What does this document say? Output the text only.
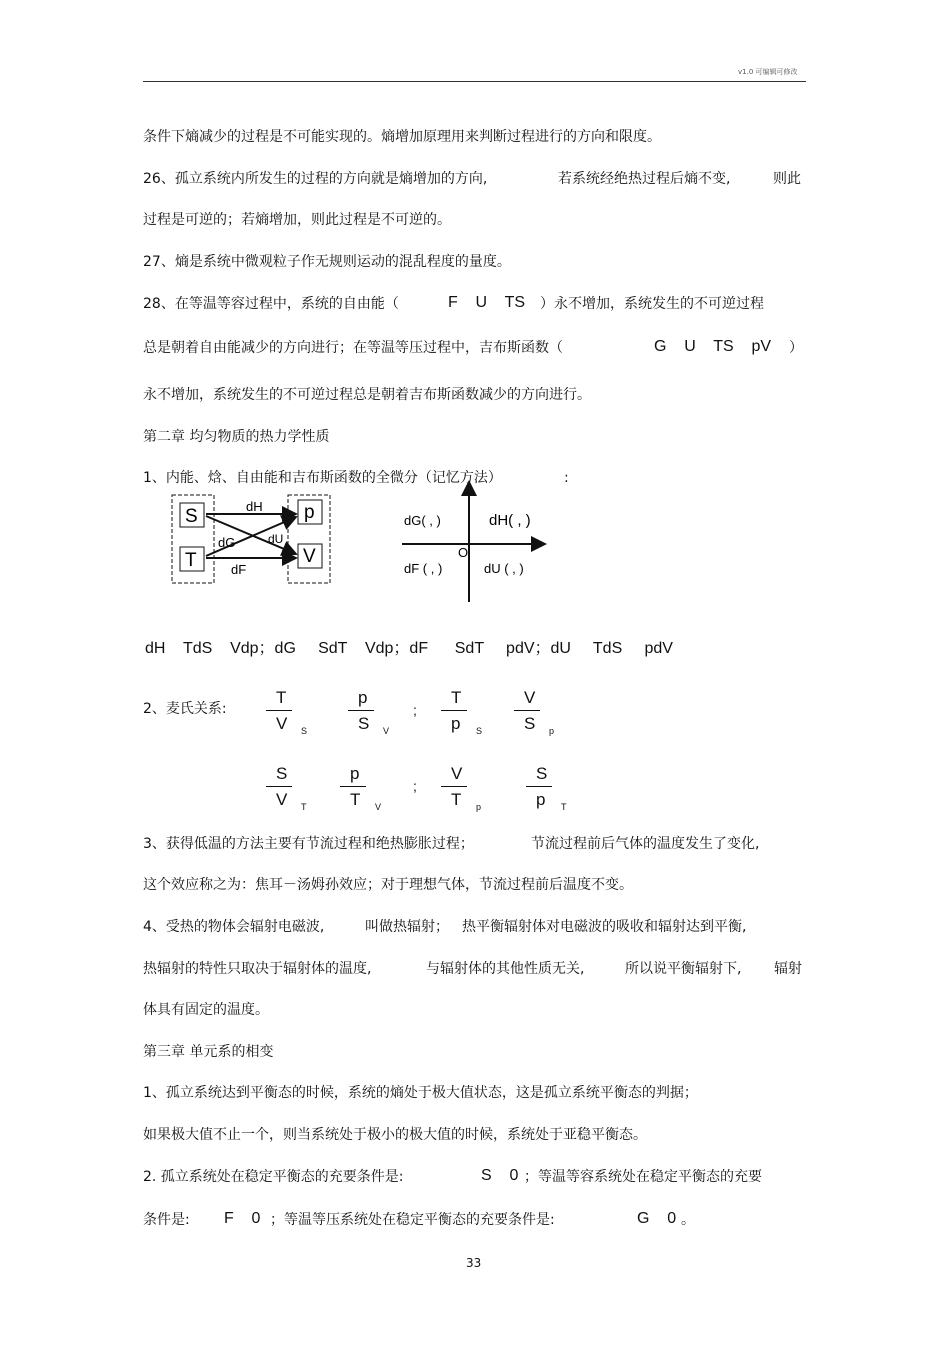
v1.0 可编辑可修改
条件下熵减少的过程是不可能实现的。熵增加原理用来判断过程进行的方向和限度。
26、孤立系统内所发生的过程的方向就是熵增加的方向,	若系统经绝热过程后熵不变,	则此
过程是可逆的；若熵增加，则此过程是不可逆的。
27、熵是系统中微观粒子作无规则运动的混乱程度的量度。
28、在等温等容过程中，系统的自由能（	F    U    TS ）永不增加，系统发生的不可逆过程
总是朝着自由能减少的方向进行；在等温等压过程中，吉布斯函数（	G    U    TS    pV ）
永不增加，系统发生的不可逆过程总是朝着吉布斯函数减少的方向进行。
第二章 均匀物质的热力学性质
1、内能、焓、自由能和吉布斯函数的全微分（记忆方法）	:
S
T
p
V
dH
dG	dU
dF
dG( , )	dH( , )
O
dF ( , )	dU ( , )
dH    TdS    Vdp；dG     SdT    Vdp；dF      SdT     pdV；dU     TdS     pdV
2、麦氏关系:
T
V S
p
S V
T
p S
V
S p
;
S
V T
p
T V
V
T p
S
p T
;
3、获得低温的方法主要有节流过程和绝热膨胀过程；	节流过程前后气体的温度发生了变化,
这个效应称之为：焦耳－汤姆孙效应；对于理想气体，节流过程前后温度不变。
4、受热的物体会辐射电磁波,	叫做热辐射； 热平衡辐射体对电磁波的吸收和辐射达到平衡,
热辐射的特性只取决于辐射体的温度,	与辐射体的其他性质无关,	所以说平衡辐射下, 辐射
体具有固定的温度。
第三章 单元系的相变
1、孤立系统达到平衡态的时候，系统的熵处于极大值状态，这是孤立系统平衡态的判据；
如果极大值不止一个，则当系统处于极小的极大值的时候，系统处于亚稳平衡态。
2. 孤立系统处在稳定平衡态的充要条件是:	S    0 ；等温等容系统处在稳定平衡态的充要
条件是: F    0 ；等温等压系统处在稳定平衡态的充要条件是:	G    0 。
33
